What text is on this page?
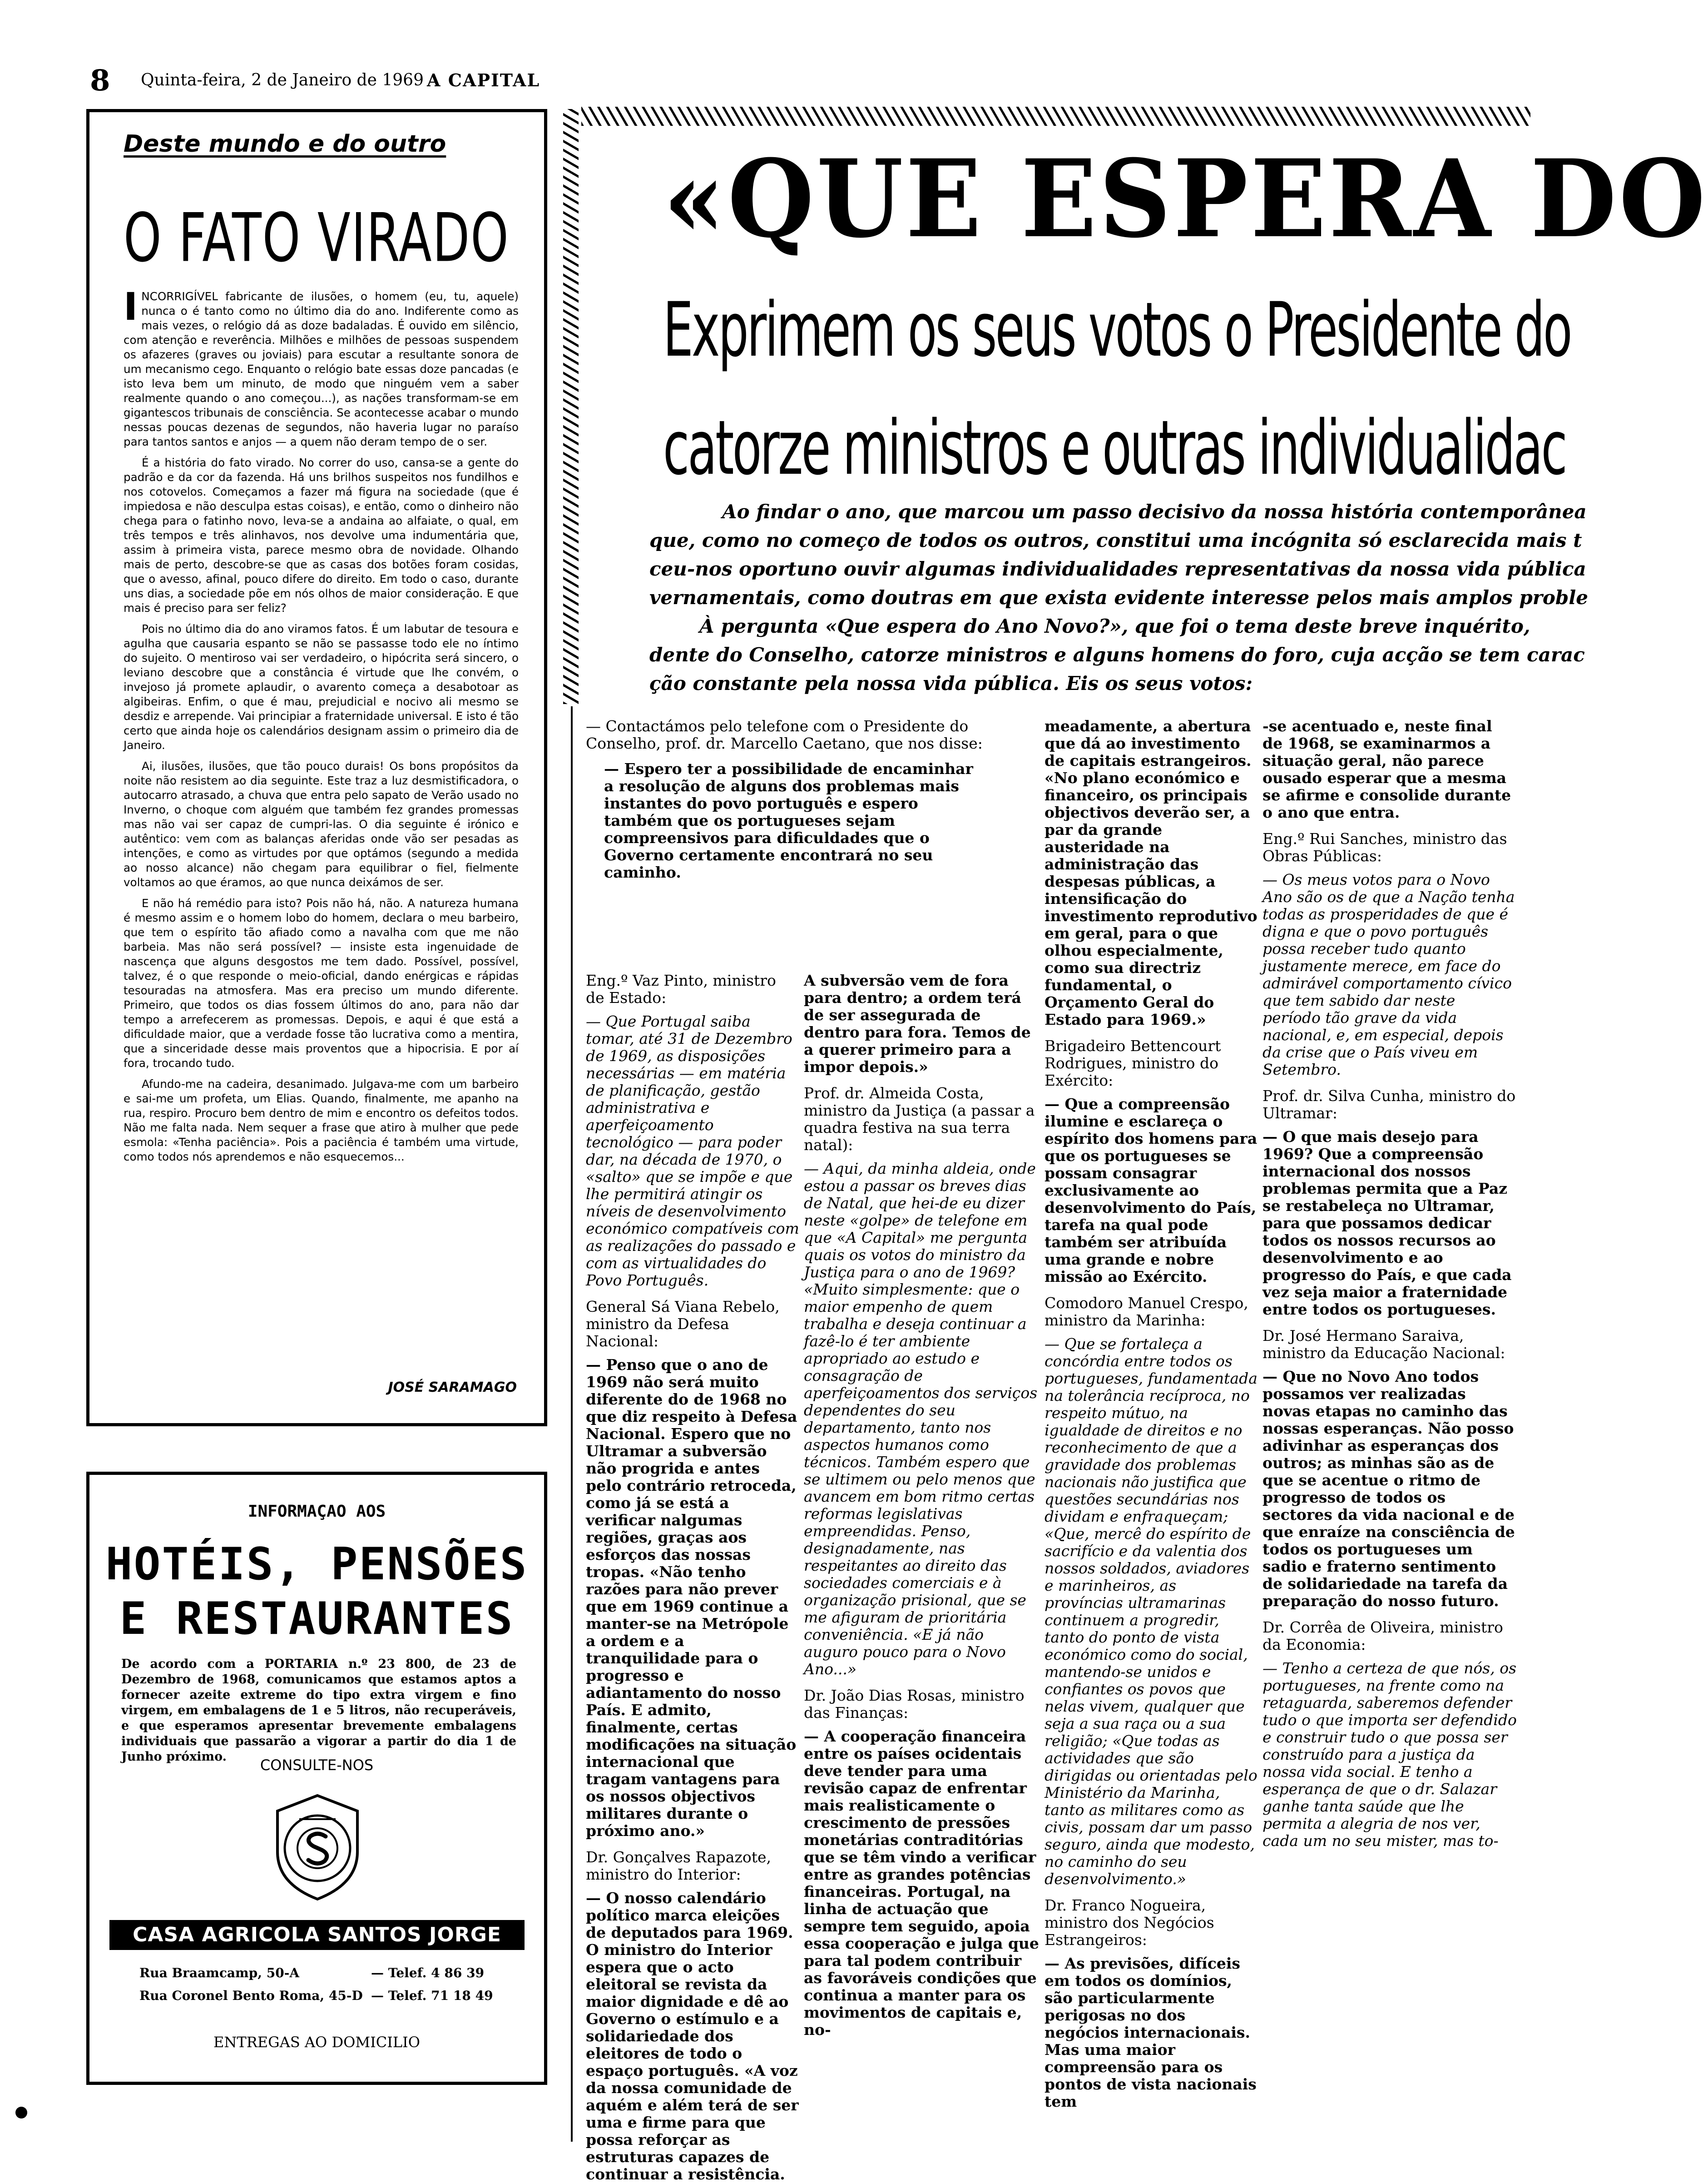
8 Quinta-feira, 2 de Janeiro de 1969 A CAPITAL
Deste mundo e do outro
O FATO VIRADO

INCORRIGÍVEL fabricante de ilusões, o homem (eu, tu, aquele) nunca o é tanto como no último dia do ano. Indiferente como as mais vezes, o relógio dá as doze badaladas. É ouvido em silêncio, com atenção e reverência. Milhões e milhões de pessoas suspendem os afazeres (graves ou joviais) para escutar a resultante sonora de um mecanismo cego. Enquanto o relógio bate essas doze pancadas (e isto leva bem um minuto, de modo que ninguém vem a saber realmente quando o ano começou...), as nações transformam-se em gigantescos tribunais de consciência. Se acontecesse acabar o mundo nessas poucas dezenas de segundos, não haveria lugar no paraíso para tantos santos e anjos — a quem não deram tempo de o ser.

É a história do fato virado. No correr do uso, cansa-se a gente do padrão e da cor da fazenda. Há uns brilhos suspeitos nos fundilhos e nos cotovelos. Começamos a fazer má figura na sociedade (que é impiedosa e não desculpa estas coisas), e então, como o dinheiro não chega para o fatinho novo, leva-se a andaina ao alfaiate, o qual, em três tempos e três alinhavos, nos devolve uma indumentária que, assim à primeira vista, parece mesmo obra de novidade. Olhando mais de perto, descobre-se que as casas dos botões foram cosidas, que o avesso, afinal, pouco difere do direito. Em todo o caso, durante uns dias, a sociedade põe em nós olhos de maior consideração. E que mais é preciso para ser feliz?

Pois no último dia do ano viramos fatos. É um labutar de tesoura e agulha que causaria espanto se não se passasse todo ele no íntimo do sujeito. O mentiroso vai ser verdadeiro, o hipócrita será sincero, o leviano descobre que a constância é virtude que lhe convém, o invejoso já promete aplaudir, o avarento começa a desabotoar as algibeiras. Enfim, o que é mau, prejudicial e nocivo ali mesmo se desdiz e arrepende. Vai principiar a fraternidade universal. E isto é tão certo que ainda hoje os calendários designam assim o primeiro dia de Janeiro.

Ai, ilusões, ilusões, que tão pouco durais! Os bons propósitos da noite não resistem ao dia seguinte. Este traz a luz desmistificadora, o autocarro atrasado, a chuva que entra pelo sapato de Verão usado no Inverno, o choque com alguém que também fez grandes promessas mas não vai ser capaz de cumpri-las. O dia seguinte é irónico e autêntico: vem com as balanças aferidas onde vão ser pesadas as intenções, e como as virtudes por que optámos (segundo a medida ao nosso alcance) não chegam para equilibrar o fiel, fielmente voltamos ao que éramos, ao que nunca deixámos de ser.

E não há remédio para isto? Pois não há, não. A natureza humana é mesmo assim e o homem lobo do homem, declara o meu barbeiro, que tem o espírito tão afiado como a navalha com que me não barbeia. Mas não será possível? — insiste esta ingenuidade de nascença que alguns desgostos me tem dado. Possível, possível, talvez, é o que responde o meio-oficial, dando enérgicas e rápidas tesouradas na atmosfera. Mas era preciso um mundo diferente. Primeiro, que todos os dias fossem últimos do ano, para não dar tempo a arrefecerem as promessas. Depois, e aqui é que está a dificuldade maior, que a verdade fosse tão lucrativa como a mentira, que a sinceridade desse mais proventos que a hipocrisia. E por aí fora, trocando tudo.

Afundo-me na cadeira, desanimado. Julgava-me com um barbeiro e sai-me um profeta, um Elias. Quando, finalmente, me apanho na rua, respiro. Procuro bem dentro de mim e encontro os defeitos todos. Não me falta nada. Nem sequer a frase que atiro à mulher que pede esmola: «Tenha paciência». Pois a paciência é também uma virtude, como todos nós aprendemos e não esquecemos...

JOSÉ SARAMAGO
INFORMAÇAO AOS
HOTÉIS, PENSÕES
E RESTAURANTES
De acordo com a PORTARIA n.º 23 800, de 23 de Dezembro de 1968, comunicamos que estamos aptos a fornecer azeite extreme do tipo extra virgem e fino virgem, em embalagens de 1 e 5 litros, não recuperáveis, e que esperamos apresentar brevemente embalagens individuais que passarão a vigorar a partir do dia 1 de Junho próximo.	CONSULTE-NOS
CASA AGRICOLA SANTOS JORGE
Rua Braamcamp, 50-A	— Telef. 4 86 39
Rua Coronel Bento Roma, 45-D — Telef. 71 18 49
ENTREGAS AO DOMICILIO
«QUE ESPERA DO
Exprimem os seus votos o Presidente do
catorze ministros e outras individualidac

Ao findar o ano, que marcou um passo decisivo da nossa história contemporânea

que, como no começo de todos os outros, constitui uma incógnita só esclarecida mais t

ceu-nos oportuno ouvir algumas individualidades representativas da nossa vida pública

vernamentais, como doutras em que exista evidente interesse pelos mais amplos proble

À pergunta «Que espera do Ano Novo?», que foi o tema deste breve inquérito,

dente do Conselho, catorze ministros e alguns homens do foro, cuja acção se tem carac

ção constante pela nossa vida pública. Eis os seus votos:

— Contactámos pelo telefone com o Presidente do Conselho, prof. dr. Marcello Caetano, que nos disse:

— Espero ter a possibilidade de encaminhar a resolução de alguns dos problemas mais instantes do povo português e espero também que os portugueses sejam compreensivos para dificuldades que o Governo certamente encontrará no seu caminho.

Eng.º Vaz Pinto, ministro de Estado:

— Que Portugal saiba tomar, até 31 de Dezembro de 1969, as disposições necessárias — em matéria de planificação, gestão administrativa e aperfeiçoamento tecnológico — para poder dar, na década de 1970, o «salto» que se impõe e que lhe permitirá atingir os níveis de desenvolvimento económico compatíveis com as realizações do passado e com as virtualidades do Povo Português.

General Sá Viana Rebelo, ministro da Defesa Nacional:

— Penso que o ano de 1969 não será muito diferente do de 1968 no que diz respeito à Defesa Nacional. Espero que no Ultramar a subversão não progrida e antes pelo contrário retroceda, como já se está a verificar nalgumas regiões, graças aos esforços das nossas tropas. «Não tenho razões para não prever que em 1969 continue a manter-se na Metrópole a ordem e a tranquilidade para o progresso e adiantamento do nosso País. E admito, finalmente, certas modificações na situação internacional que tragam vantagens para os nossos objectivos militares durante o próximo ano.»

Dr. Gonçalves Rapazote, ministro do Interior:

— O nosso calendário político marca eleições de deputados para 1969. O ministro do Interior espera que o acto eleitoral se revista da maior dignidade e dê ao Governo o estímulo e a solidariedade dos eleitores de todo o espaço português. «A voz da nossa comunidade de aquém e além terá de ser uma e firme para que possa reforçar as estruturas capazes de continuar a resistência.

A subversão vem de fora para dentro; a ordem terá de ser assegurada de dentro para fora. Temos de a querer primeiro para a impor depois.»

Prof. dr. Almeida Costa, ministro da Justiça (a passar a quadra festiva na sua terra natal):

— Aqui, da minha aldeia, onde estou a passar os breves dias de Natal, que hei-de eu dizer neste «golpe» de telefone em que «A Capital» me pergunta quais os votos do ministro da Justiça para o ano de 1969? «Muito simplesmente: que o maior empenho de quem trabalha e deseja continuar a fazê-lo é ter ambiente apropriado ao estudo e consagração de aperfeiçoamentos dos serviços dependentes do seu departamento, tanto nos aspectos humanos como técnicos. Também espero que se ultimem ou pelo menos que avancem em bom ritmo certas reformas legislativas empreendidas. Penso, designadamente, nas respeitantes ao direito das sociedades comerciais e à organização prisional, que se me afiguram de prioritária conveniência. «E já não auguro pouco para o Novo Ano...»

Dr. João Dias Rosas, ministro das Finanças:

— A cooperação financeira entre os países ocidentais deve tender para uma revisão capaz de enfrentar mais realisticamente o crescimento de pressões monetárias contraditórias que se têm vindo a verificar entre as grandes potências financeiras. Portugal, na linha de actuação que sempre tem seguido, apoia essa cooperação e julga que para tal podem contribuir as favoráveis condições que continua a manter para os movimentos de capitais e, no-

meadamente, a abertura que dá ao investimento de capitais estrangeiros. «No plano económico e financeiro, os principais objectivos deverão ser, a par da grande austeridade na administração das despesas públicas, a intensificação do investimento reprodutivo em geral, para o que olhou especialmente, como sua directriz fundamental, o Orçamento Geral do Estado para 1969.»

Brigadeiro Bettencourt Rodrigues, ministro do Exército:

— Que a compreensão ilumine e esclareça o espírito dos homens para que os portugueses se possam consagrar exclusivamente ao desenvolvimento do País, tarefa na qual pode também ser atribuída uma grande e nobre missão ao Exército.

Comodoro Manuel Crespo, ministro da Marinha:

— Que se fortaleça a concórdia entre todos os portugueses, fundamentada na tolerância recíproca, no respeito mútuo, na igualdade de direitos e no reconhecimento de que a gravidade dos problemas nacionais não justifica que questões secundárias nos dividam e enfraqueçam; «Que, mercê do espírito de sacrifício e da valentia dos nossos soldados, aviadores e marinheiros, as províncias ultramarinas continuem a progredir, tanto do ponto de vista económico como do social, mantendo-se unidos e confiantes os povos que nelas vivem, qualquer que seja a sua raça ou a sua religião; «Que todas as actividades que são dirigidas ou orientadas pelo Ministério da Marinha, tanto as militares como as civis, possam dar um passo seguro, ainda que modesto, no caminho do seu desenvolvimento.»

Dr. Franco Nogueira, ministro dos Negócios Estrangeiros:

— As previsões, difíceis em todos os domínios, são particularmente perigosas no dos negócios internacionais. Mas uma maior compreensão para os pontos de vista nacionais tem

-se acentuado e, neste final de 1968, se examinarmos a situação geral, não parece ousado esperar que a mesma se afirme e consolide durante o ano que entra.

Eng.º Rui Sanches, ministro das Obras Públicas:

— Os meus votos para o Novo Ano são os de que a Nação tenha todas as prosperidades de que é digna e que o povo português possa receber tudo quanto justamente merece, em face do admirável comportamento cívico que tem sabido dar neste período tão grave da vida nacional, e, em especial, depois da crise que o País viveu em Setembro.

Prof. dr. Silva Cunha, ministro do Ultramar:

— O que mais desejo para 1969? Que a compreensão internacional dos nossos problemas permita que a Paz se restabeleça no Ultramar, para que possamos dedicar todos os nossos recursos ao desenvolvimento e ao progresso do País, e que cada vez seja maior a fraternidade entre todos os portugueses.

Dr. José Hermano Saraiva, ministro da Educação Nacional:

— Que no Novo Ano todos possamos ver realizadas novas etapas no caminho das nossas esperanças. Não posso adivinhar as esperanças dos outros; as minhas são as de que se acentue o ritmo de progresso de todos os sectores da vida nacional e de que enraíze na consciência de todos os portugueses um sadio e fraterno sentimento de solidariedade na tarefa da preparação do nosso futuro.

Dr. Corrêa de Oliveira, ministro da Economia:

— Tenho a certeza de que nós, os portugueses, na frente como na retaguarda, saberemos defender tudo o que importa ser defendido e construir tudo o que possa ser construído para a justiça da nossa vida social. E tenho a esperança de que o dr. Salazar ganhe tanta saúde que lhe permita a alegria de nos ver, cada um no seu mister, mas to-
